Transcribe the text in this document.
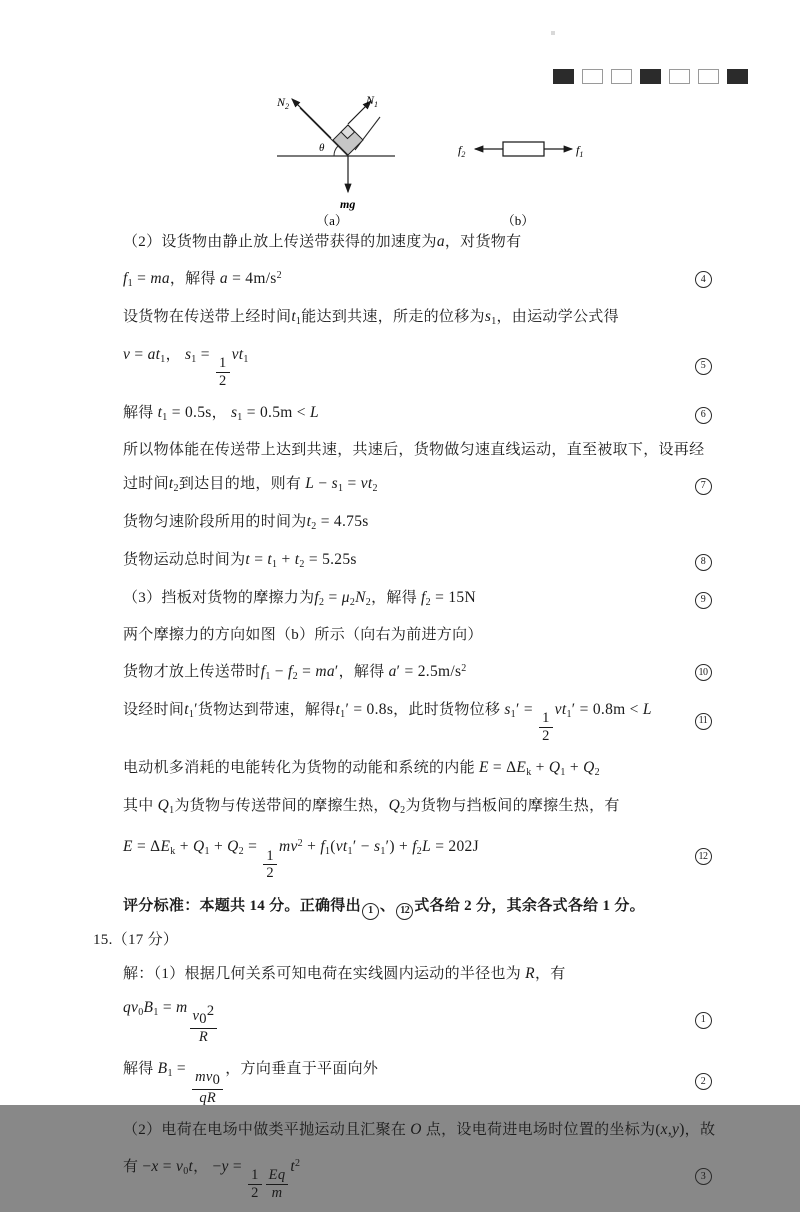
$N_2$	$N_1$
θ
mg
（a）
$f_2$	$f_1$
（b）
（2）设货物由静止放上传送带获得的加速度为a，对货物有
$f_1$ = ma，解得 $a = 4m/s^2$	4
设货物在传送带上经时间$t_1$能达到共速，所走的位移为$s_1$，由运动学公式得
$v = at_1$， $s_1$ =
$\frac{1}{2}$
$vt_1$
5
解得 $t_1 = 0.5s$， $s_1 = 0.5m < L$	6
所以物体能在传送带上达到共速，共速后，货物做匀速直线运动，直至被取下，设再经
过时间$t_2$到达目的地，则有 $L - s_1 = vt_2$	7
货物匀速阶段所用的时间为$t_2 = 4.75s$
货物运动总时间为$t = t_1 + t_2 = 5.25s$	8
（3）挡板对货物的摩擦力为$f_2 = \mu_2N_2$，解得 $f_2 = 15N$	9
两个摩擦力的方向如图（b）所示（向右为前进方向）
货物才放上传送带时$f_1 - f_2 = ma'$，解得 $a' = 2.5m/s^2$	10
设经时间$t_1'$货物达到带速，解得$t_1' = 0.8s$，此时货物位移 $s_1'$ =
$\frac{1}{2}$
$vt_1' = 0.8m < L$
11
电动机多消耗的电能转化为货物的动能和系统的内能 $E = \Delta E_k + Q_1 + Q_2$
其中 $Q_1$为货物与传送带间的摩擦生热，$Q_2$为货物与挡板间的摩擦生热，有
$E = \Delta E_k + Q_1 + Q_2$ =
$\frac{1}{2}$
$mv^2 + f_1(vt_1' - s_1') + f_2L = 202J$
12
评分标准：本题共 14 分。正确得出 1 、 12 式各给 2 分，其余各式各给 1 分。
15.（17 分）
解：（1）根据几何关系可知电荷在实线圆内运动的半径也为 R，有
$qv_0B_1 = m \frac{v02}{R}$	1
解得 $B_1$ =
$\frac{mv0}{qR}$
，方向垂直于平面向外
2
（2）电荷在电场中做类平抛运动且汇聚在 O 点，设电荷进电场时位置的坐标为(x,y)，故
有 $-x = v_0t$， −y =
$\frac{1}{2} \frac{Eq}{m}$
$t^2$
3
